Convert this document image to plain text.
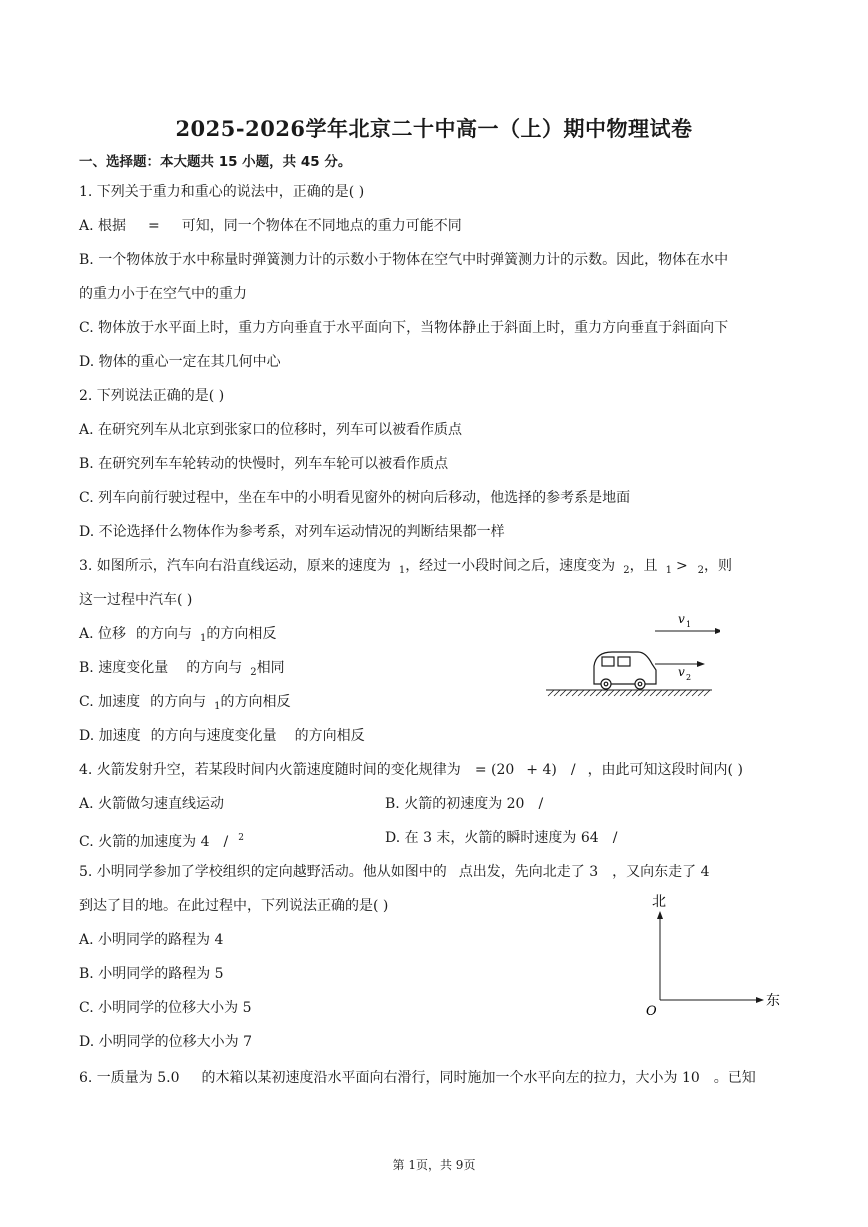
2025-2026学年北京二十中高一（上）期中物理试卷
一、选择题：本大题共 15 小题，共 45 分。
1. 下列关于重力和重心的说法中，正确的是( )
A. 根据 = 可知，同一个物体在不同地点的重力可能不同
B. 一个物体放于水中称量时弹簧测力计的示数小于物体在空气中时弹簧测力计的示数。因此，物体在水中
的重力小于在空气中的重力
C. 物体放于水平面上时，重力方向垂直于水平面向下，当物体静止于斜面上时，重力方向垂直于斜面向下
D. 物体的重心一定在其几何中心
2. 下列说法正确的是( )
A. 在研究列车从北京到张家口的位移时，列车可以被看作质点
B. 在研究列车车轮转动的快慢时，列车车轮可以被看作质点
C. 列车向前行驶过程中，坐在车中的小明看见窗外的树向后移动，他选择的参考系是地面
D. 不论选择什么物体作为参考系，对列车运动情况的判断结果都一样
3. 如图所示，汽车向右沿直线运动，原来的速度为 $_1$，经过一小段时间之后，速度变为 $_2$，且 $_1$ > $_2$，则
这一过程中汽车( )
A. 位移 的方向与 $_1$的方向相反
B. 速度变化量 的方向与 $_2$相同
C. 加速度 的方向与 $_1$的方向相反
D. 加速度 的方向与速度变化量 的方向相反
v 1
v 2
4. 火箭发射升空，若某段时间内火箭速度随时间的变化规律为 = (20 + 4) / ，由此可知这段时间内( )
A. 火箭做匀速直线运动	B. 火箭的初速度为 20 /
C. 火箭的加速度为 4 / $^2$	D. 在 3 末，火箭的瞬时速度为 64 /
5. 小明同学参加了学校组织的定向越野活动。他从如图中的 点出发，先向北走了 3 ，又向东走了 4
到达了目的地。在此过程中，下列说法正确的是( )
A. 小明同学的路程为 4
B. 小明同学的路程为 5
C. 小明同学的位移大小为 5
D. 小明同学的位移大小为 7
北
东
O
6. 一质量为 5.0 的木箱以某初速度沿水平面向右滑行，同时施加一个水平向左的拉力，大小为 10 。已知
第 1页，共 9页
